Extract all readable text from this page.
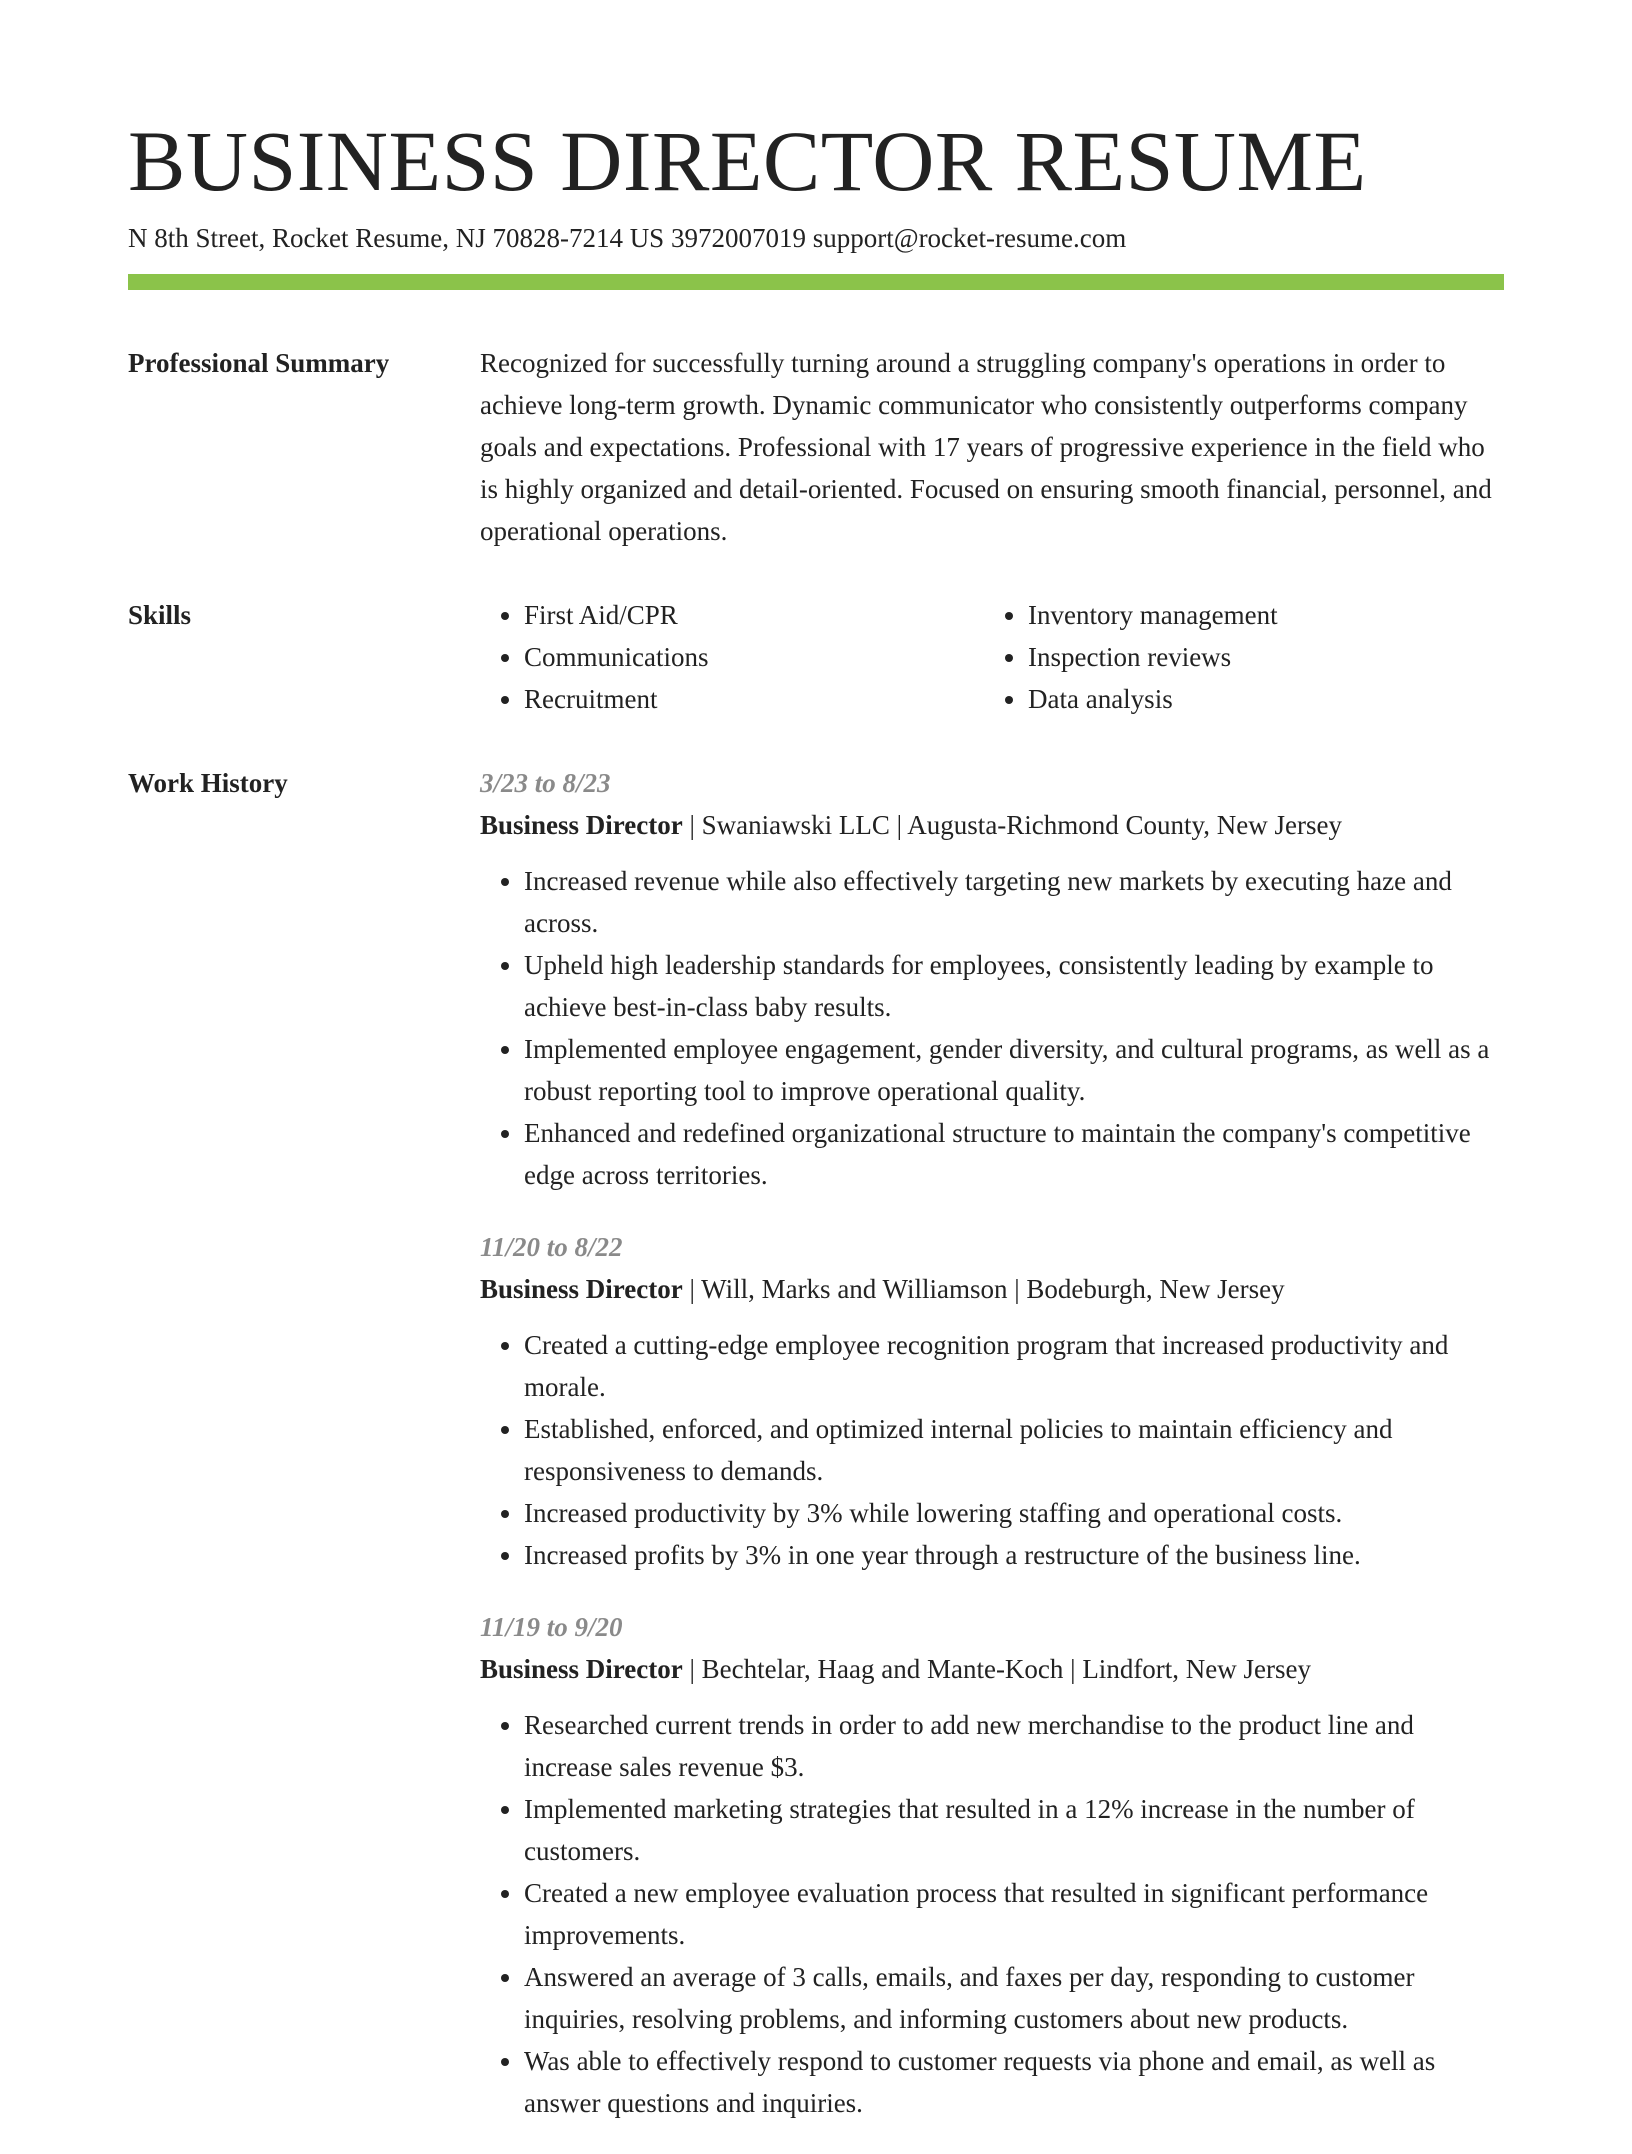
BUSINESS DIRECTOR RESUME
N 8th Street, Rocket Resume, NJ 70828-7214 US 3972007019 support@rocket-resume.com
Professional Summary	Recognized for successfully turning around a struggling company's operations in order to achieve long-term growth. Dynamic communicator who consistently outperforms company goals and expectations. Professional with 17 years of progressive experience in the field who is highly organized and detail-oriented. Focused on ensuring smooth financial, personnel, and operational operations.

Skills
•	First Aid/CPR
• Communications
• Recruitment
• Inventory management
• Inspection reviews
• Data analysis
Work History	3/23 to 8/23
Business Director | Swaniawski LLC | Augusta-Richmond County, New Jersey
• Increased revenue while also effectively targeting new markets by executing haze and across.
• Upheld high leadership standards for employees, consistently leading by example to achieve best-in-class baby results.
• Implemented employee engagement, gender diversity, and cultural programs, as well as a robust reporting tool to improve operational quality.
• Enhanced and redefined organizational structure to maintain the company's competitive edge across territories.
11/20 to 8/22
Business Director | Will, Marks and Williamson | Bodeburgh, New Jersey
• Created a cutting-edge employee recognition program that increased productivity and morale.
• Established, enforced, and optimized internal policies to maintain efficiency and responsiveness to demands.
• Increased productivity by 3% while lowering staffing and operational costs.
• Increased profits by 3% in one year through a restructure of the business line.
11/19 to 9/20
Business Director | Bechtelar, Haag and Mante-Koch | Lindfort, New Jersey
• Researched current trends in order to add new merchandise to the product line and increase sales revenue $3.
• Implemented marketing strategies that resulted in a 12% increase in the number of customers.
• Created a new employee evaluation process that resulted in significant performance improvements.
• Answered an average of 3 calls, emails, and faxes per day, responding to customer inquiries, resolving problems, and informing customers about new products.
• Was able to effectively respond to customer requests via phone and email, as well as answer questions and inquiries.
